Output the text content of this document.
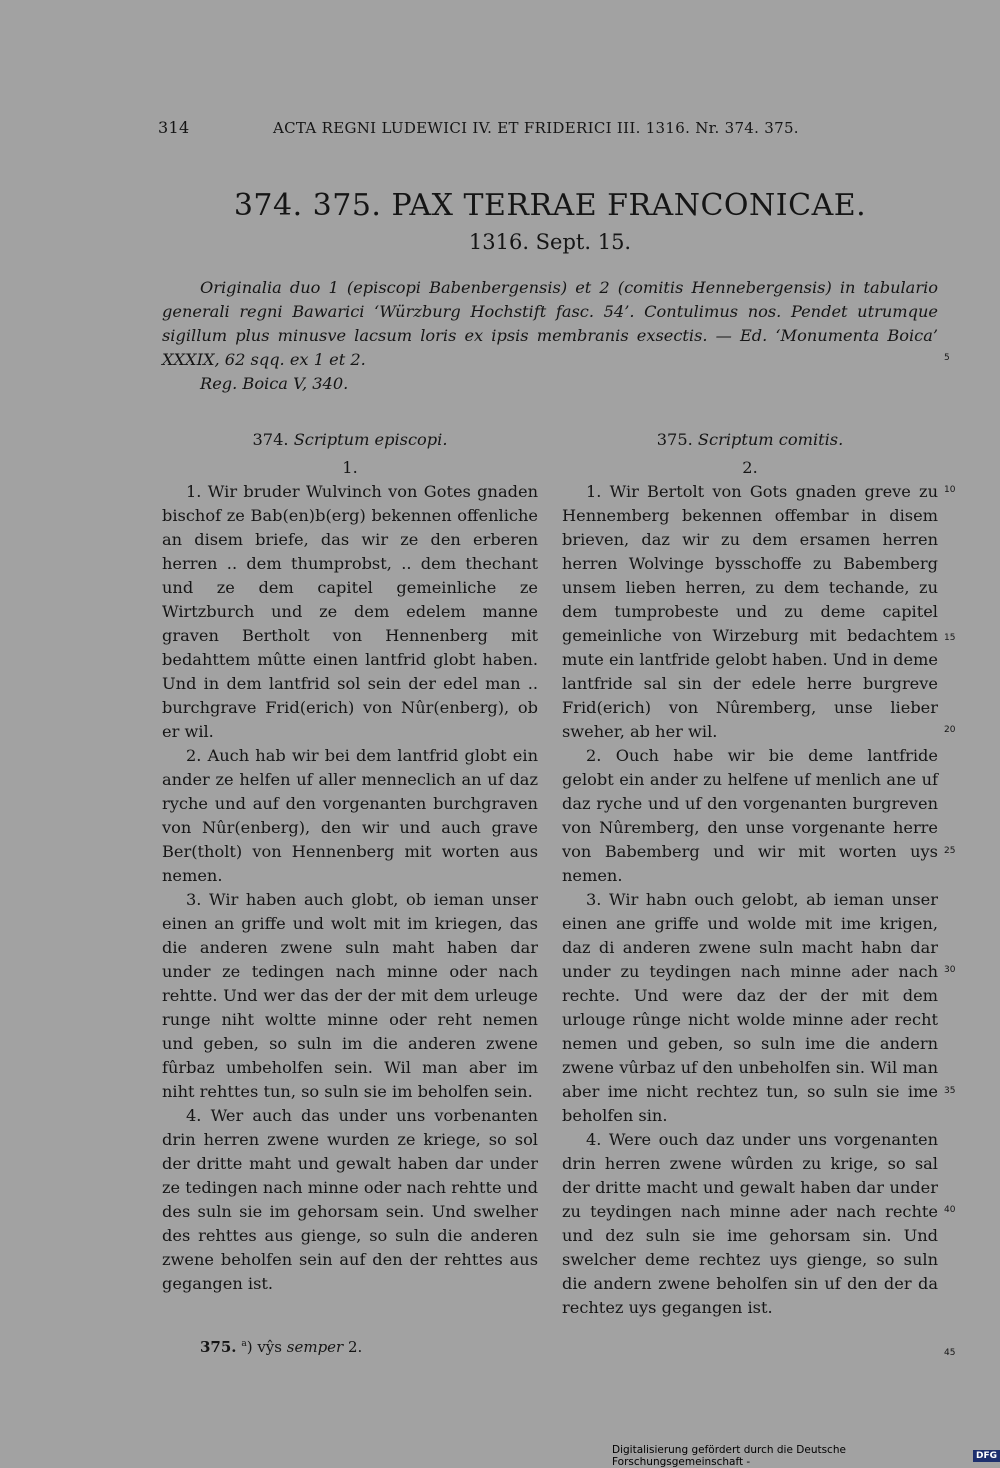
314	ACTA REGNI LUDEWICI IV. ET FRIDERICI III. 1316. Nr. 374. 375.
374. 375. PAX TERRAE FRANCONICAE.
1316. Sept. 15.

Originalia duo 1 (episcopi Babenbergensis) et 2 (comitis Hennebergensis) in tabulario generali regni Bawarici ‘Würzburg Hochstift fasc. 54’. Contulimus nos. Pendet utrumque sigillum plus minusve lacsum loris ex ipsis membranis exsectis. — Ed. ‘Monumenta Boica’ XXXIX, 62 sqq. ex 1 et 2.

Reg. Boica V, 340.

374. Scriptum episcopi.
1.

1. Wir bruder Wulvinch von Gotes gnaden bischof ze Bab(en)b(erg) bekennen offenliche an disem briefe, das wir ze den erberen herren .. dem thumprobst, .. dem thechant und ze dem capitel gemeinliche ze Wirtzburch und ze dem edelem manne graven Bertholt von Hennenberg mit bedahttem mûtte einen lantfrid globt haben. Und in dem lantfrid sol sein der edel man .. burchgrave Frid(erich) von Nûr(enberg), ob er wil.

2. Auch hab wir bei dem lantfrid globt ein ander ze helfen uf aller menneclich an uf daz ryche und auf den vorgenanten burchgraven von Nûr(enberg), den wir und auch grave Ber(tholt) von Hennenberg mit worten aus nemen.

3. Wir haben auch globt, ob ieman unser einen an griffe und wolt mit im kriegen, das die anderen zwene suln maht haben dar under ze tedingen nach minne oder nach rehtte. Und wer das der der mit dem urleuge runge niht woltte minne oder reht nemen und geben, so suln im die anderen zwene fûrbaz umbeholfen sein. Wil man aber im niht rehttes tun, so suln sie im beholfen sein.

4. Wer auch das under uns vorbenanten drin herren zwene wurden ze kriege, so sol der dritte maht und gewalt haben dar under ze tedingen nach minne oder nach rehtte und des suln sie im gehorsam sein. Und swelher des rehttes aus gienge, so suln die anderen zwene beholfen sein auf den der rehttes aus gegangen ist.

375. Scriptum comitis.
2.

1. Wir Bertolt von Gots gnaden greve zu Hennemberg bekennen offembar in disem brieven, daz wir zu dem ersamen herren herren Wolvinge bysschoffe zu Babemberg unsem lieben herren, zu dem techande, zu dem tumprobeste und zu deme capitel gemeinliche von Wirzeburg mit bedachtem mute ein lantfride gelobt haben. Und in deme lantfride sal sin der edele herre burgreve Frid(erich) von Nûremberg, unse lieber sweher, ab her wil.

2. Ouch habe wir bie deme lantfride gelobt ein ander zu helfene uf menlich ane uf daz ryche und uf den vorgenanten burgreven von Nûremberg, den unse vorgenante herre von Babemberg und wir mit worten uys nemen.

3. Wir habn ouch gelobt, ab ieman unser einen ane griffe und wolde mit ime krigen, daz di anderen zwene suln macht habn dar under zu teydingen nach minne ader nach rechte. Und were daz der der mit dem urlouge rûnge nicht wolde minne ader recht nemen und geben, so suln ime die andern zwene vûrbaz uf den unbeholfen sin. Wil man aber ime nicht rechtez tun, so suln sie ime beholfen sin.

4. Were ouch daz under uns vorgenanten drin herren zwene wûrden zu krige, so sal der dritte macht und gewalt haben dar under zu teydingen nach minne ader nach rechte und dez suln sie ime gehorsam sin. Und swelcher deme rechtez uys gienge, so suln die andern zwene beholfen sin uf den der da rechtez uys gegangen ist.

375. $^a$) vŷs semper 2.
5
10
15
20
25
30
35
40
45
Digitalisierung gefördert durch die Deutsche Forschungsgemeinschaft -	DFG
